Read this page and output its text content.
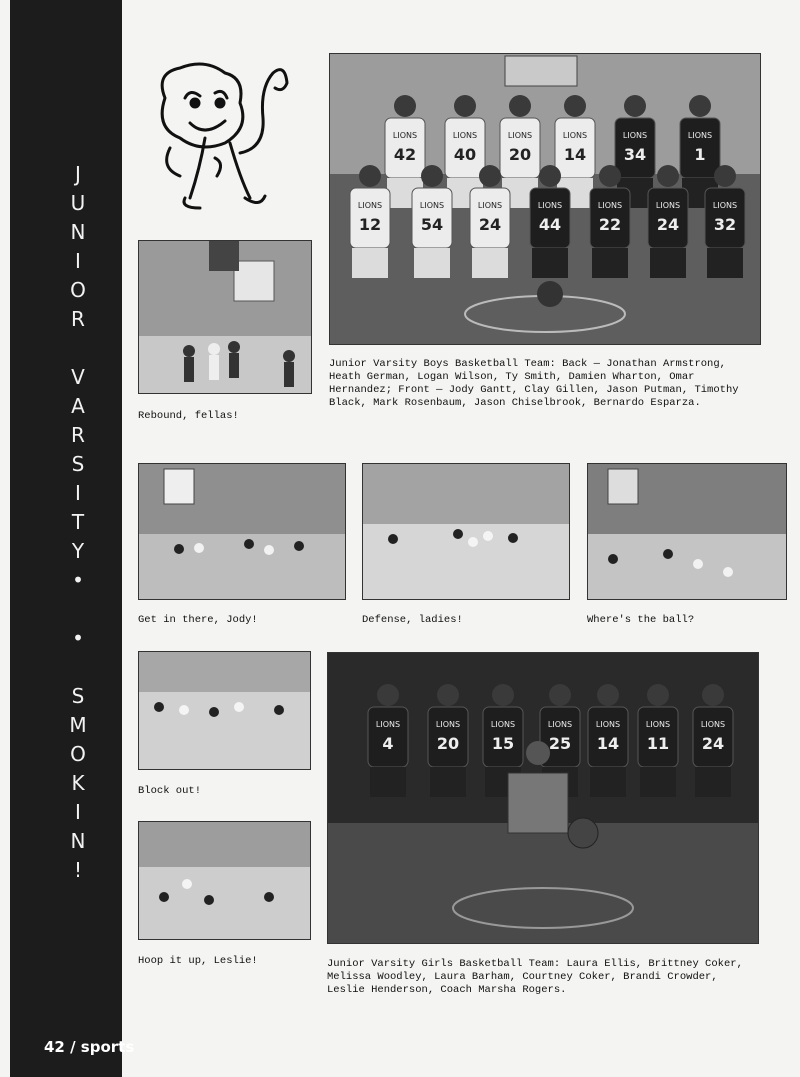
J
U
N
I
O
R

V
A
R
S
I
T
Y
•

•

S
M
O
K
I
N
!
42 / sports
LIONS
42
LIONS
40
LIONS
20
LIONS
14
LIONS
34
LIONS
1
LIONS
12
LIONS
54
LIONS
24
LIONS
44
LIONS
22
LIONS
24
LIONS
32
Junior Varsity Boys Basketball Team: Back — Jonathan Armstrong, Heath German, Logan Wilson, Ty Smith, Damien Wharton, Omar Hernandez; Front — Jody Gantt, Clay Gillen, Jason Putman, Timothy Black, Mark Rosenbaum, Jason Chiselbrook, Bernardo Esparza.
Rebound, fellas!
Get in there, Jody!	Defense, ladies!	Where's the ball?
Block out!
Hoop it up, Leslie!
LIONS
4
LIONS
20
LIONS
15
LIONS
25
LIONS
14
LIONS
11
LIONS
24
Junior Varsity Girls Basketball Team: Laura Ellis, Brittney Coker, Melissa Woodley, Laura Barham, Courtney Coker, Brandi Crowder, Leslie Henderson, Coach Marsha Rogers.
